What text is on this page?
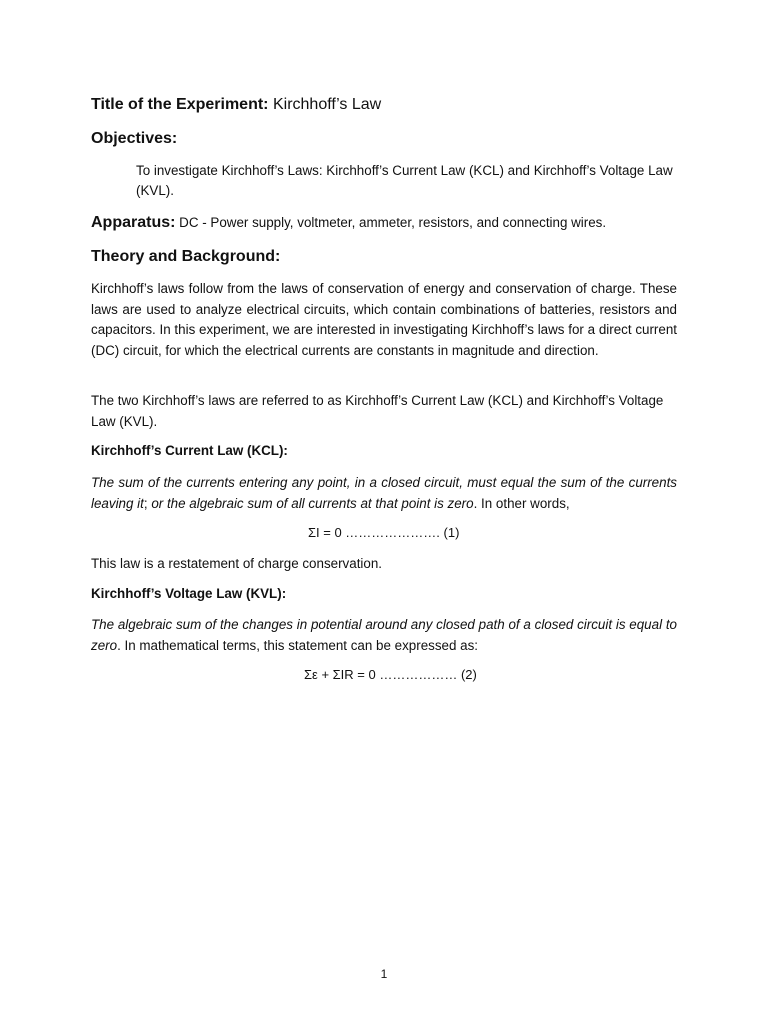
Title of the Experiment: Kirchhoff’s Law
Objectives:
To investigate Kirchhoff’s Laws: Kirchhoff’s Current Law (KCL) and Kirchhoff’s Voltage Law (KVL).
Apparatus: DC - Power supply, voltmeter, ammeter, resistors, and connecting wires.
Theory and Background:
Kirchhoff’s laws follow from the laws of conservation of energy and conservation of charge. These laws are used to analyze electrical circuits, which contain combinations of batteries, resistors and capacitors. In this experiment, we are interested in investigating Kirchhoff’s laws for a direct current (DC) circuit, for which the electrical currents are constants in magnitude and direction.
The two Kirchhoff’s laws are referred to as Kirchhoff’s Current Law (KCL) and Kirchhoff’s Voltage Law (KVL).
Kirchhoff’s Current Law (KCL):
The sum of the currents entering any point, in a closed circuit, must equal the sum of the currents leaving it; or the algebraic sum of all currents at that point is zero. In other words,
ΣI = 0 …………………. (1)
This law is a restatement of charge conservation.
Kirchhoff’s Voltage Law (KVL):
The algebraic sum of the changes in potential around any closed path of a closed circuit is equal to zero. In mathematical terms, this statement can be expressed as:
Σε + ΣIR = 0 ……………… (2)
1
